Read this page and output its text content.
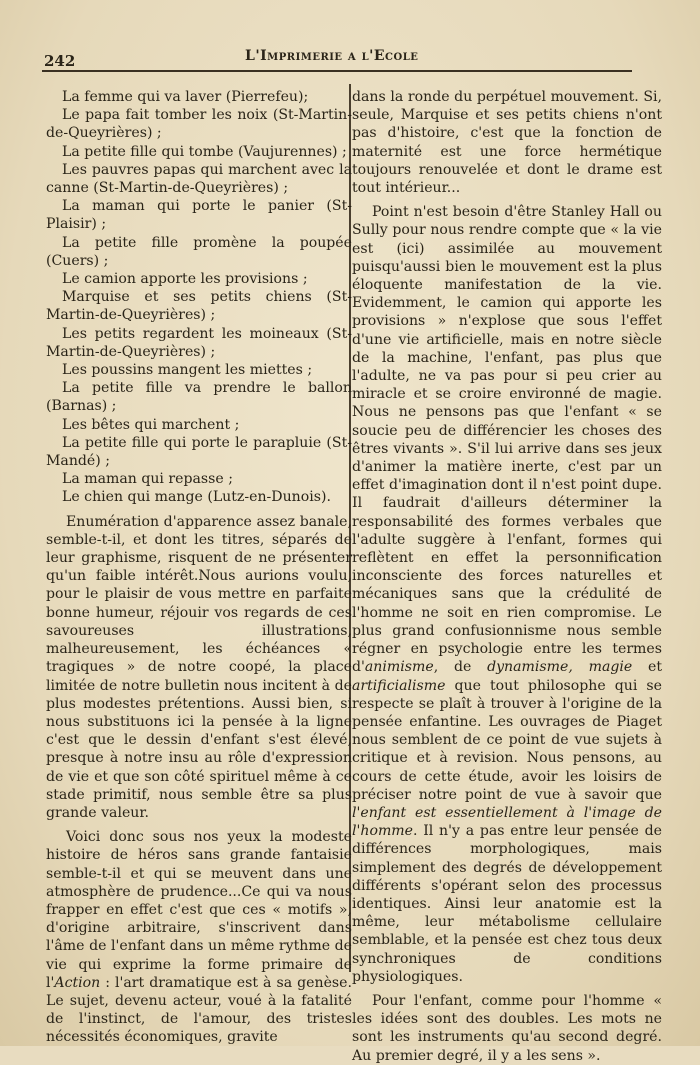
242	L'Imprimerie a l'Ecole

La femme qui va laver (Pierrefeu);

Le papa fait tomber les noix (St-Martin-de-Queyrières) ;

La petite fille qui tombe (Vaujurennes) ;

Les pauvres papas qui marchent avec la canne (St-Martin-de-Queyrières) ;

La maman qui porte le panier (St-Plaisir) ;

La petite fille promène la poupée (Cuers) ;

Le camion apporte les provisions ;

Marquise et ses petits chiens (St-Martin-de-Queyrières) ;

Les petits regardent les moineaux (St-Martin-de-Queyrières) ;

Les poussins mangent les miettes ;

La petite fille va prendre le ballon (Barnas) ;

Les bêtes qui marchent ;

La petite fille qui porte le parapluie (St-Mandé) ;

La maman qui repasse ;

Le chien qui mange (Lutz-en-Dunois).

Enumération d'apparence assez banale, semble-t-il, et dont les titres, séparés de leur graphisme, risquent de ne présenter qu'un faible intérêt.Nous aurions voulu, pour le plaisir de vous mettre en parfaite bonne humeur, réjouir vos regards de ces savoureuses illustrations, malheureusement, les échéances « tragiques » de notre coopé, la place limitée de notre bulletin nous incitent à de plus modestes prétentions. Aussi bien, si nous substituons ici la pensée à la ligne c'est que le dessin d'enfant s'est élevé, presque à notre insu au rôle d'expression de vie et que son côté spirituel même à ce stade primitif, nous semble être sa plus grande valeur.

Voici donc sous nos yeux la modeste histoire de héros sans grande fantaisie semble-t-il et qui se meuvent dans une atmosphère de prudence...Ce qui va nous frapper en effet c'est que ces « motifs », d'origine arbitraire, s'inscrivent dans l'âme de l'enfant dans un même rythme de vie qui exprime la forme primaire de l'Action : l'art dramatique est à sa genèse. Le sujet, devenu acteur, voué à la fatalité de l'instinct, de l'amour, des tristes nécessités économiques, gravite

dans la ronde du perpétuel mouvement. Si, seule, Marquise et ses petits chiens n'ont pas d'histoire, c'est que la fonction de maternité est une force hermétique toujours renouvelée et dont le drame est tout intérieur...

Point n'est besoin d'être Stanley Hall ou Sully pour nous rendre compte que « la vie est (ici) assimilée au mouvement puisqu'aussi bien le mouvement est la plus éloquente manifestation de la vie. Evidemment, le camion qui apporte les provisions » n'explose que sous l'effet d'une vie artificielle, mais en notre siècle de la machine, l'enfant, pas plus que l'adulte, ne va pas pour si peu crier au miracle et se croire environné de magie. Nous ne pensons pas que l'enfant « se soucie peu de différencier les choses des êtres vivants ». S'il lui arrive dans ses jeux d'animer la matière inerte, c'est par un effet d'imagination dont il n'est point dupe. Il faudrait d'ailleurs déterminer la responsabilité des formes verbales que l'adulte suggère à l'enfant, formes qui reflètent en effet la personnification inconsciente des forces naturelles et mécaniques sans que la crédulité de l'homme ne soit en rien compromise. Le plus grand confusionnisme nous semble régner en psychologie entre les termes d'animisme, de dynamisme, magie et artificialisme que tout philosophe qui se respecte se plaît à trouver à l'origine de la pensée enfantine. Les ouvrages de Piaget nous semblent de ce point de vue sujets à critique et à revision. Nous pensons, au cours de cette étude, avoir les loisirs de préciser notre point de vue à savoir que l'enfant est essentiellement à l'image de l'homme. Il n'y a pas entre leur pensée de différences morphologiques, mais simplement des degrés de développement différents s'opérant selon des processus identiques. Ainsi leur anatomie est la même, leur métabolisme cellulaire semblable, et la pensée est chez tous deux synchroniques de conditions physiologiques.

Pour l'enfant, comme pour l'homme « les idées sont des doubles. Les mots ne sont les instruments qu'au second degré. Au premier degré, il y a les sens ».
